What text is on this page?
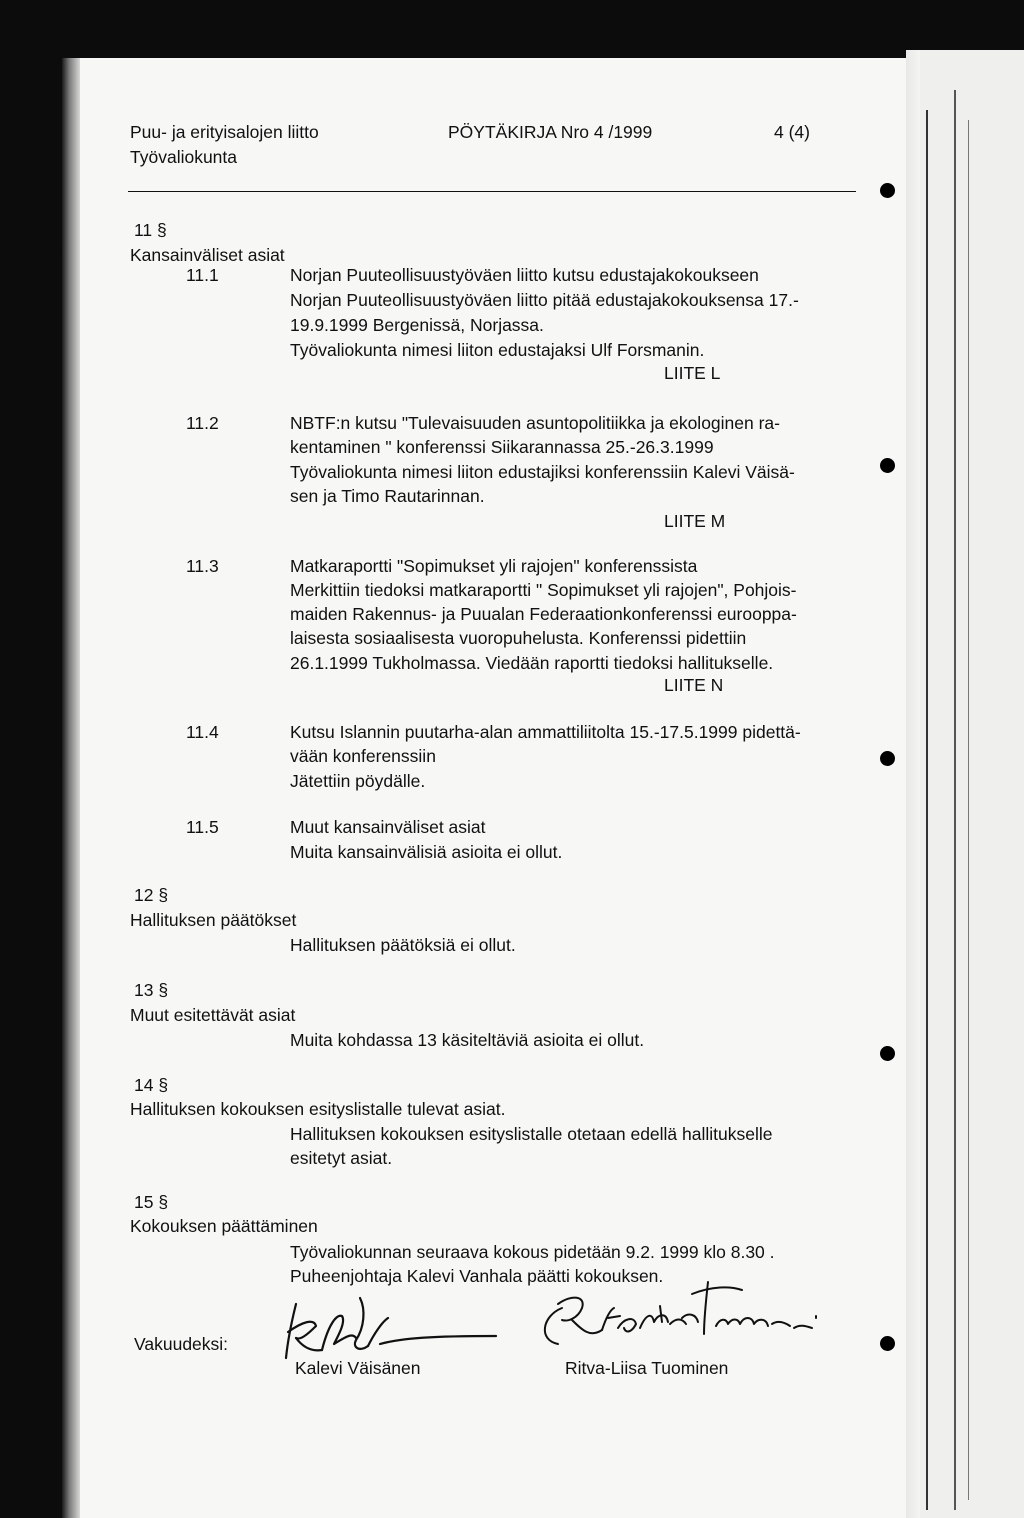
Puu- ja erityisalojen liitto
Työvaliokunta
PÖYTÄKIRJA Nro 4 /1999	4 (4)
11 §
Kansainväliset asiat
11.1	Norjan Puuteollisuustyöväen liitto kutsu edustajakokoukseen
Norjan Puuteollisuustyöväen liitto pitää edustajakokouksensa 17.-
19.9.1999 Bergenissä, Norjassa.
Työvaliokunta nimesi liiton edustajaksi Ulf Forsmanin.
LIITE L
11.2	NBTF:n kutsu "Tulevaisuuden asuntopolitiikka ja ekologinen ra-
kentaminen " konferenssi Siikarannassa 25.-26.3.1999
Työvaliokunta nimesi liiton edustajiksi konferenssiin Kalevi Väisä-
sen ja Timo Rautarinnan.
LIITE M
11.3	Matkaraportti "Sopimukset yli rajojen" konferenssista
Merkittiin tiedoksi matkaraportti " Sopimukset yli rajojen", Pohjois-
maiden Rakennus- ja Puualan Federaationkonferenssi eurooppa-
laisesta sosiaalisesta vuoropuhelusta. Konferenssi pidettiin
26.1.1999 Tukholmassa. Viedään raportti tiedoksi hallitukselle.
LIITE N
11.4	Kutsu Islannin puutarha-alan ammattiliitolta 15.-17.5.1999 pidettä-
vään konferenssiin
Jätettiin pöydälle.
11.5	Muut kansainväliset asiat
Muita kansainvälisiä asioita ei ollut.
12 §
Hallituksen päätökset
Hallituksen päätöksiä ei ollut.
13 §
Muut esitettävät asiat
Muita kohdassa 13 käsiteltäviä asioita ei ollut.
14 §
Hallituksen kokouksen esityslistalle tulevat asiat.
Hallituksen kokouksen esityslistalle otetaan edellä hallitukselle
esitetyt asiat.
15 §
Kokouksen päättäminen
Työvaliokunnan seuraava kokous pidetään 9.2. 1999 klo 8.30 .
Puheenjohtaja Kalevi Vanhala päätti kokouksen.
Vakuudeksi:
Kalevi Väisänen	Ritva-Liisa Tuominen
